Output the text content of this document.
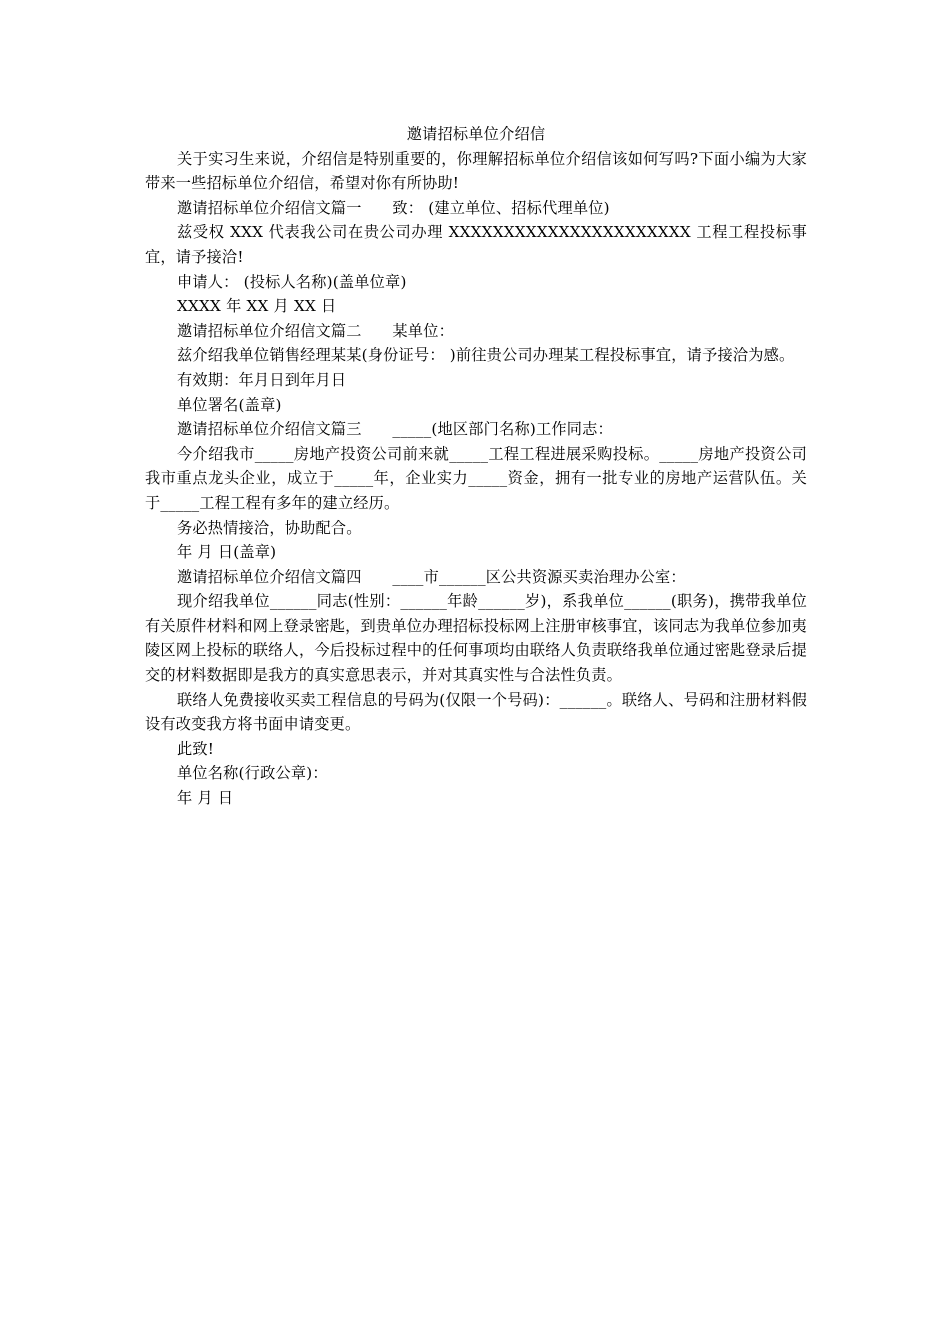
邀请招标单位介绍信

关于实习生来说，介绍信是特别重要的，你理解招标单位介绍信该如何写吗?下面小编为大家带来一些招标单位介绍信，希望对你有所协助!

邀请招标单位介绍信文篇一　　致： (建立单位、招标代理单位)

兹受权 XXX 代表我公司在贵公司办理 XXXXXXXXXXXXXXXXXXXXXX 工程工程投标事宜，请予接洽!

申请人： (投标人名称)(盖单位章)

XXXX 年 XX 月 XX 日

邀请招标单位介绍信文篇二　　某单位：

兹介绍我单位销售经理某某(身份证号： )前往贵公司办理某工程投标事宜，请予接洽为感。

有效期：年月日到年月日

单位署名(盖章)

邀请招标单位介绍信文篇三　　_____(地区部门名称)工作同志：

今介绍我市_____房地产投资公司前来就_____工程工程进展采购投标。_____房地产投资公司我市重点龙头企业，成立于_____年，企业实力_____资金，拥有一批专业的房地产运营队伍。关于_____工程工程有多年的建立经历。

务必热情接洽，协助配合。

年 月 日(盖章)

邀请招标单位介绍信文篇四　　____市______区公共资源买卖治理办公室：

现介绍我单位______同志(性别：______年龄______岁)，系我单位______(职务)，携带我单位有关原件材料和网上登录密匙，到贵单位办理招标投标网上注册审核事宜，该同志为我单位参加夷陵区网上投标的联络人，今后投标过程中的任何事项均由联络人负责联络我单位通过密匙登录后提交的材料数据即是我方的真实意思表示，并对其真实性与合法性负责。

联络人免费接收买卖工程信息的号码为(仅限一个号码)：______。联络人、号码和注册材料假设有改变我方将书面申请变更。

此致!

单位名称(行政公章)：

年 月 日
